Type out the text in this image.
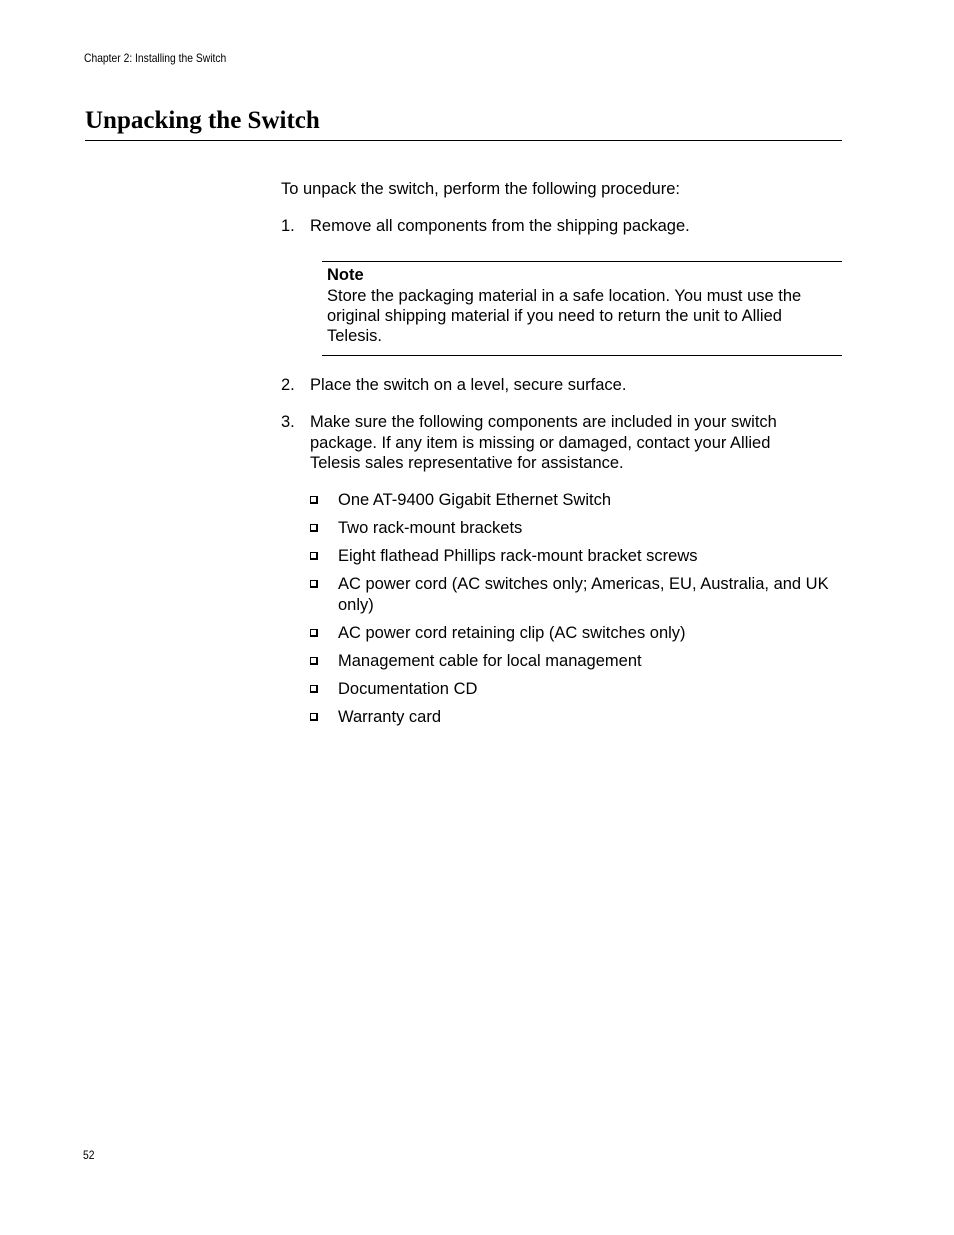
Chapter 2: Installing the Switch
Unpacking the Switch

To unpack the switch, perform the following procedure:

1. Remove all components from the shipping package.
Note
Store the packaging material in a safe location. You must use the original shipping material if you need to return the unit to Allied Telesis.
2. Place the switch on a level, secure surface.
3. Make sure the following components are included in your switch package. If any item is missing or damaged, contact your Allied Telesis sales representative for assistance.
One AT-9400 Gigabit Ethernet Switch
Two rack-mount brackets
Eight flathead Phillips rack-mount bracket screws
AC power cord (AC switches only; Americas, EU, Australia, and UK only)
AC power cord retaining clip (AC switches only)
Management cable for local management
Documentation CD
Warranty card
52
